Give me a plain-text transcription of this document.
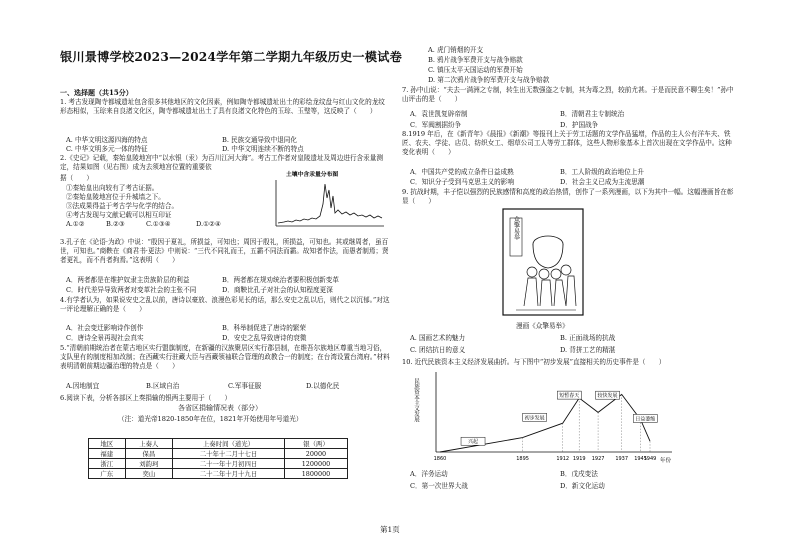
银川景博学校2023—2024学年第二学期九年级历史一模试卷
一、选择题（共15分）
1. 考古发现陶寺都城遗址包含很多其他地区的文化因素，例如陶寺都城遗址出土的彩绘龙纹盘与红山文化的龙纹形态相似，玉琮来自良渚文化区，陶寺都城遗址出土了具有良渚文化特色的玉琮、玉璧等，这反映了（　　）
A. 中华文明这源四海的特点	B. 民族交通导致中退同化
C. 中华文明多元一体的特征	D. 中华文明连续不断的特点
2.《史记》记载，秦始皇陵地宫中“以水银（汞）为百川江河大海”。考古工作者对皇陵遗址及周边进行含汞量测定，结果如图（见右图）成为去须地宫位置的重要依
据（　　）
①秦始皇出向较有了考古证据。
②秦始皇陵地宫位于升城墙之下。
③法成果得益于考古学与化学的结合。
④考古发现与文献记载可以相互印证
A.①②	B.②③	C.①③④	D.①②④
土壤中含汞量分布图
3.孔子在《论语·为政》中说：“殷因于夏礼，所损益，可知也；周因于殷礼，所损益，可知也。其或继周者，虽百世，可知也。”商鞅在《商君书·更法》中则说：“三代不同礼而王，五霸不同法而霸。故知者作法，而愚者制焉；贤者更礼，而不肖者拘焉。”这表明（　　）
A．两者都是在维护奴隶主贵族阶层的利益	B．两者都在规劝统治者要积极创新变革
C．时代差异导致两者对变革社会的主张不同	D．商鞅比孔子对社会的认知程度更深
4.有学者认为，如果说安史之乱以前，唐诗以豪放、浪漫色彩见长的话，那么安史之乱以后，则代之以沉郁。”对这一评论理解正确的是（　　）
A．社会变迁影响诗作创作	B．科举制促进了唐诗的繁荣
C．唐诗全景再现社会真实	D．安史之乱导致唐诗的衰微
5.“清朝前期统治者在蒙古地区实行盟旗制度，在新疆的汉族聚居区实行郡县制，在维吾尔族地区尊重当地习俗，支队里有的制度相加改制；在西藏实行驻藏大臣与西藏领袖联合管理的政教合一的制度；在台湾设置台湾府。”材料表明清朝前期边疆治理的特点是（　　）
A.因地制宜	B.区域自治	C.军事征服	D.以德化民
6.阅读下表，分析各部区上奏捐输的银两主要用于（　　）
各省区捐输情况表（部分）
（注：道光帝1820-1850年在位，1821年开始使用年号道光）
地区	上奏人	上奏时间（道光）	银（两）
福建	保昌	二十年十二月十七日	20000
浙江	刘韵珂	二十一年十月初四日	1200000
广东	奕山	二十二年十月十九日	1800000
A. 虎门销烟的开支
B. 鸦片战争军费开支与战争赔款
C. 镇压太平天国运动的军费开始
D. 第二次鸦片战争的军费开支与战争赔款
7. 孙中山说：“夫去一满洲之专制，转生出无数强盗之专制，其为毒之烈，较前尤甚。于是而民意不聊生矣！”孙中山评击的是（　　）
A．袁世凯复辟帝制	B．清朝君主专制统治
C．军阀割据纷争	D．护国战争
8.1919 年后，在《新青年》《晨报》《新潮》等报刊上关于劳工话题的文学作品猛增，作品的主人公有洋车夫、铁匠、农夫、学徒、店员、纺织女工、烟草公司工人等劳工群体，这些人物形象基本上首次出现在文学作品中。这种变化表明（　　）
A．中国共产党的成立条件日益成熟	B．工人阶级的政治地位上升
C．知识分子受到马克思主义的影响	D．社会主义已成为主流思潮
9. 抗战时期，丰子恺以强烈的民族感情和高度的政治热情，创作了一系列漫画，以下为其中一幅。这幅漫画旨在彰显（　　）
众擎易举
漫画《众擎易举》
A. 国画艺术的魅力	B. 正面战场的抗战
C. 团结抗日的意义	D. 背拼工艺的精湛
10. 近代民族资本主义经济发展曲折。与下图中“初步发展”直接相关的历史事件是（　　）
民族资本主义发展
年份
1860	1895	1912 1919 1927 1937 1945
1949
兴起
初步发展
短暂春天	较快发展
日益萎缩
A．洋务运动	B．戊戌变法
C．第一次世界大战	D．新文化运动
第1页
